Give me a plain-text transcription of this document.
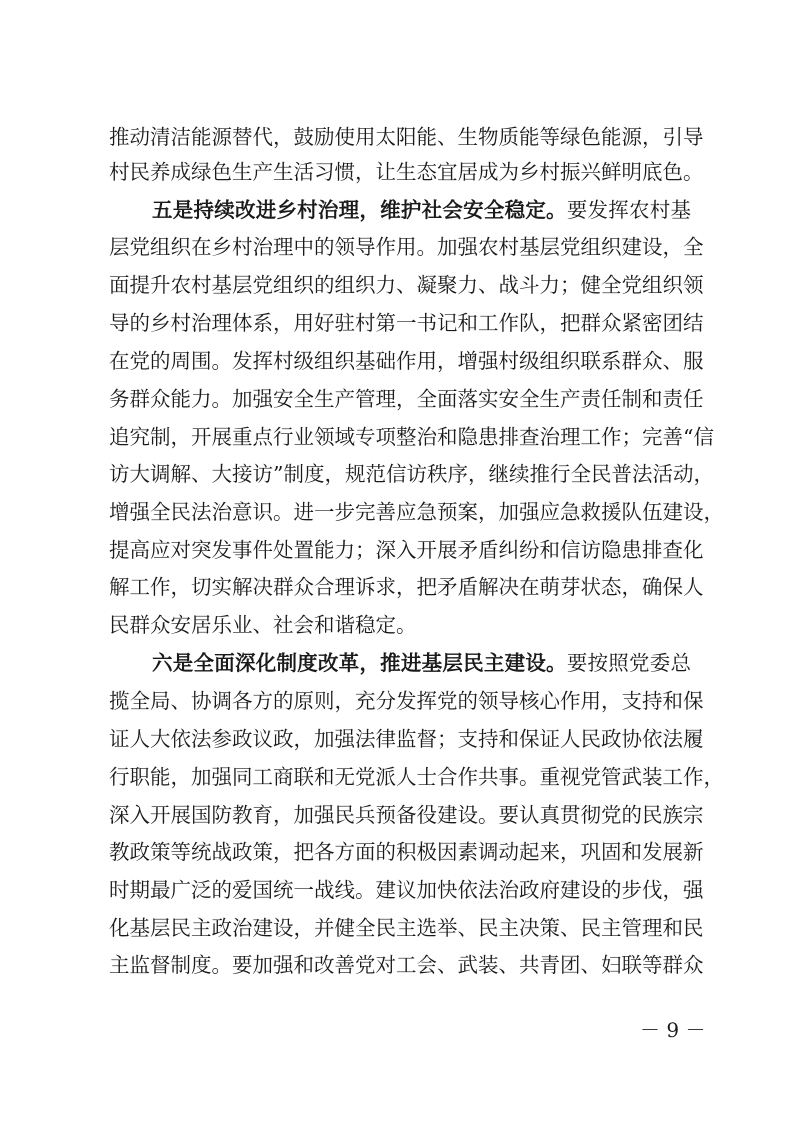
推动清洁能源替代，鼓励使用太阳能、生物质能等绿色能源，引导
村民养成绿色生产生活习惯，让生态宜居成为乡村振兴鲜明底色。
五是持续改进乡村治理，维护社会安全稳定。要发挥农村基
层党组织在乡村治理中的领导作用。加强农村基层党组织建设，全
面提升农村基层党组织的组织力、凝聚力、战斗力；健全党组织领
导的乡村治理体系，用好驻村第一书记和工作队，把群众紧密团结
在党的周围。发挥村级组织基础作用，增强村级组织联系群众、服
务群众能力。加强安全生产管理，全面落实安全生产责任制和责任
追究制，开展重点行业领域专项整治和隐患排查治理工作；完善“信
访大调解、大接访”制度，规范信访秩序，继续推行全民普法活动，
增强全民法治意识。进一步完善应急预案，加强应急救援队伍建设，
提高应对突发事件处置能力；深入开展矛盾纠纷和信访隐患排查化
解工作，切实解决群众合理诉求，把矛盾解决在萌芽状态，确保人
民群众安居乐业、社会和谐稳定。
六是全面深化制度改革，推进基层民主建设。要按照党委总
揽全局、协调各方的原则，充分发挥党的领导核心作用，支持和保
证人大依法参政议政，加强法律监督；支持和保证人民政协依法履
行职能，加强同工商联和无党派人士合作共事。重视党管武装工作，
深入开展国防教育，加强民兵预备役建设。要认真贯彻党的民族宗
教政策等统战政策，把各方面的积极因素调动起来，巩固和发展新
时期最广泛的爱国统一战线。建议加快依法治政府建设的步伐，强
化基层民主政治建设，并健全民主选举、民主决策、民主管理和民
主监督制度。要加强和改善党对工会、武装、共青团、妇联等群众
－ 9 －
